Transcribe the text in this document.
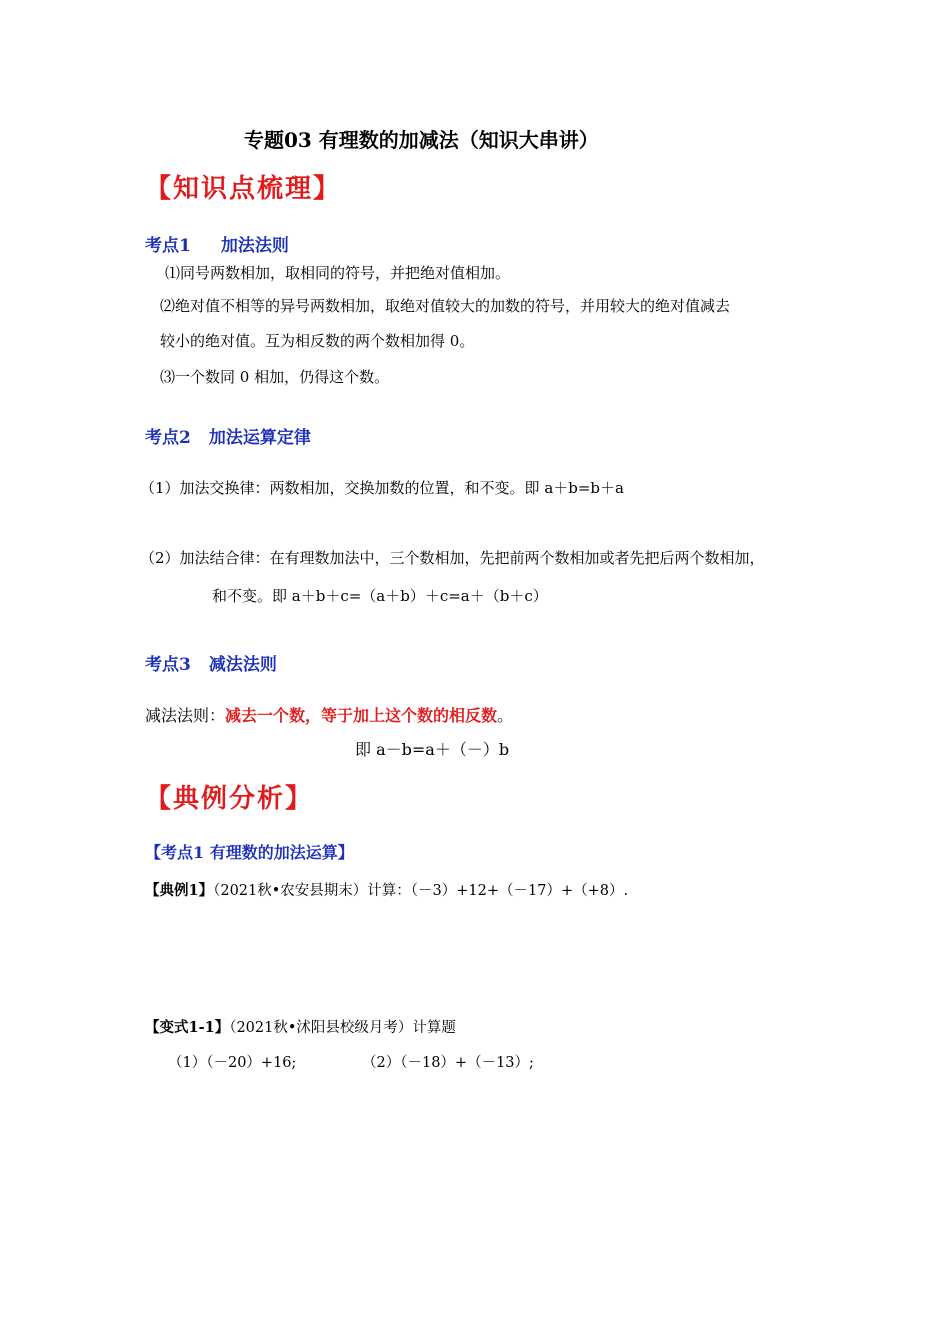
专题03 有理数的加减法（知识大串讲）
【知识点梳理】
考点1 加法法则
⑴同号两数相加，取相同的符号，并把绝对值相加。
⑵绝对值不相等的异号两数相加，取绝对值较大的加数的符号，并用较大的绝对值减去
较小的绝对值。互为相反数的两个数相加得 0。
⑶一个数同 0 相加，仍得这个数。
考点2 加法运算定律
（1）加法交换律：两数相加，交换加数的位置，和不变。即 a＋b=b＋a
（2）加法结合律：在有理数加法中，三个数相加，先把前两个数相加或者先把后两个数相加，
和不变。即 a＋b＋c=（a＋b）＋c=a＋（b＋c）
考点3 减法法则
减法法则：减去一个数，等于加上这个数的相反数。
即 a－b=a＋（－）b
【典例分析】
【考点1 有理数的加法运算】
【典例1】（2021秋•农安县期末）计算：（－3）+12+（－17）+（+8）.
【变式1-1】（2021秋•沭阳县校级月考）计算题
（1）（－20）+16;	（2）（－18）+（－13）;
